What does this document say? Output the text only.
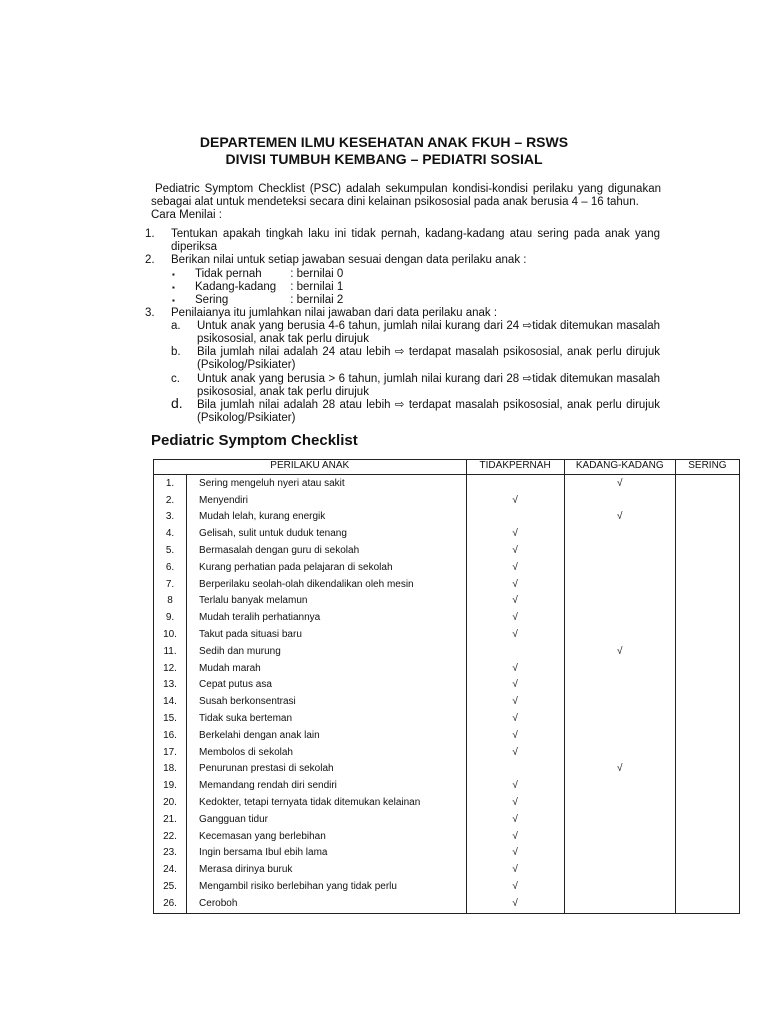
DEPARTEMEN ILMU KESEHATAN ANAK FKUH – RSWS
DIVISI TUMBUH KEMBANG – PEDIATRI SOSIAL
Pediatric Symptom Checklist (PSC) adalah sekumpulan kondisi-kondisi perilaku yang digunakan sebagai alat untuk mendeteksi secara dini kelainan psikososial pada anak berusia 4 – 16 tahun.
Cara Menilai :
1. Tentukan apakah tingkah laku ini tidak pernah, kadang-kadang atau sering pada anak yang diperiksa
2. Berikan nilai untuk setiap jawaban sesuai dengan data perilaku anak :
▪ Tidak pernah : bernilai 0
▪ Kadang-kadang : bernilai 1
▪ Sering	: bernilai 2
3. Penilaianya itu jumlahkan nilai jawaban dari data perilaku anak :
a. Untuk anak yang berusia 4-6 tahun, jumlah nilai kurang dari 24 ⇨tidak ditemukan masalah psikososial, anak tak perlu dirujuk
b. Bila jumlah nilai adalah 24 atau lebih ⇨ terdapat masalah psikososial, anak perlu dirujuk (Psikolog/Psikiater)
c. Untuk anak yang berusia > 6 tahun, jumlah nilai kurang dari 28 ⇨tidak ditemukan masalah psikososial, anak tak perlu dirujuk
d. Bila jumlah nilai adalah 28 atau lebih ⇨ terdapat masalah psikososial, anak perlu dirujuk (Psikolog/Psikiater)
Pediatric Symptom Checklist
PERILAKU ANAK		TIDAKPERNAH	KADANG-KADANG	SERING
1.	Sering mengeluh nyeri atau sakit		√	
2.	Menyendiri	√		
3.	Mudah lelah, kurang energik		√	
4.	Gelisah, sulit untuk duduk tenang	√		
5.	Bermasalah dengan guru di sekolah	√		
6.	Kurang perhatian pada pelajaran di sekolah	√		
7.	Berperilaku seolah-olah dikendalikan oleh mesin	√		
8	Terlalu banyak melamun	√		
9.	Mudah teralih perhatiannya	√		
10.	Takut pada situasi baru	√		
11.	Sedih dan murung		√	
12.	Mudah marah	√		
13.	Cepat putus asa	√		
14.	Susah berkonsentrasi	√		
15.	Tidak suka berteman	√		
16.	Berkelahi dengan anak lain	√		
17.	Membolos di sekolah	√		
18.	Penurunan prestasi di sekolah		√	
19.	Memandang rendah diri sendiri	√		
20.	Kedokter, tetapi ternyata tidak ditemukan kelainan	√		
21.	Gangguan tidur	√		
22.	Kecemasan yang berlebihan	√		
23.	Ingin bersama Ibul ebih lama	√		
24.	Merasa dirinya buruk	√		
25.	Mengambil risiko berlebihan yang tidak perlu	√		
26.	Ceroboh	√		
